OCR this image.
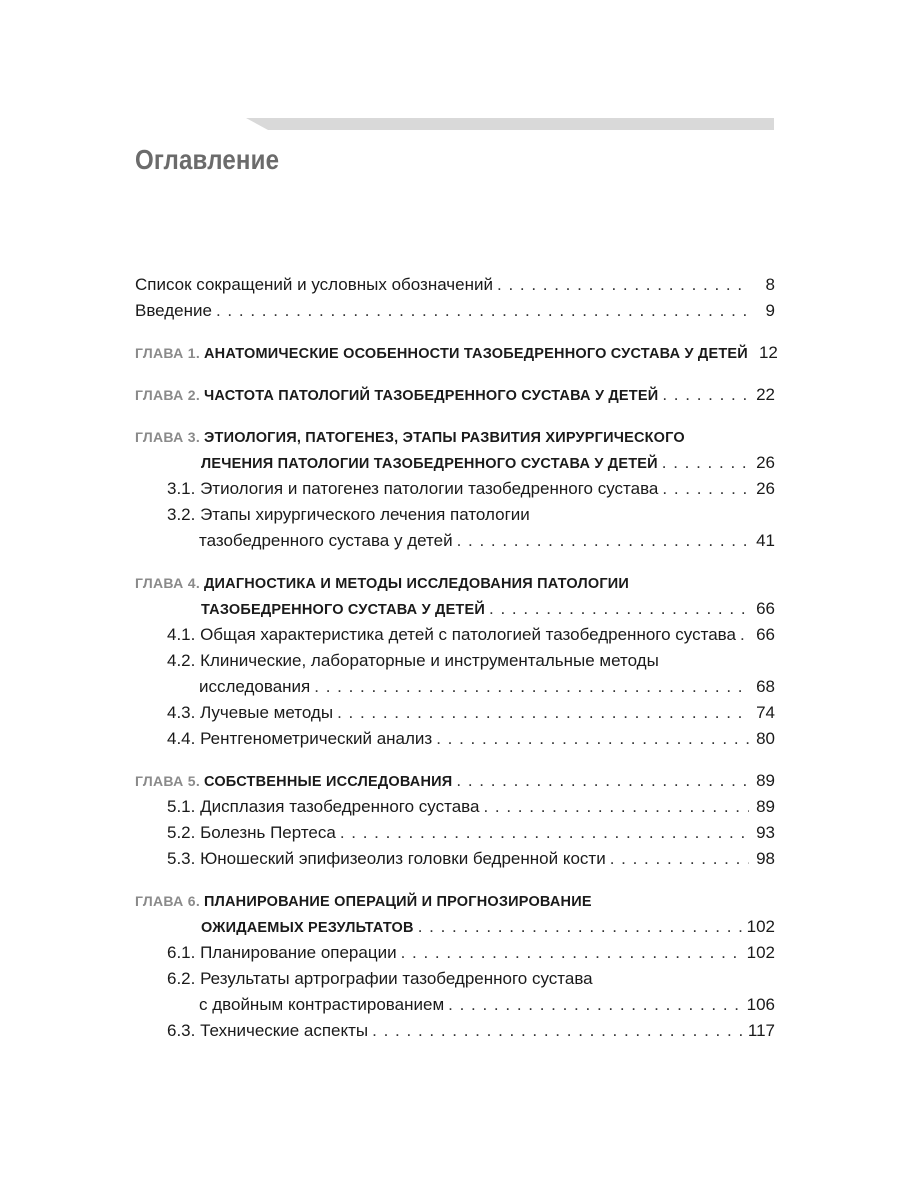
Оглавление
Список сокращений и условных обозначений . . .	8
Введение . . .	9
ГЛАВА 1. АНАТОМИЧЕСКИЕ ОСОБЕННОСТИ ТАЗОБЕДРЕННОГО СУСТАВА У ДЕТЕЙ 12
ГЛАВА 2. ЧАСТОТА ПАТОЛОГИЙ ТАЗОБЕДРЕННОГО СУСТАВА У ДЕТЕЙ . . .	22
ГЛАВА 3. ЭТИОЛОГИЯ, ПАТОГЕНЕЗ, ЭТАПЫ РАЗВИТИЯ ХИРУРГИЧЕСКОГО
ЛЕЧЕНИЯ ПАТОЛОГИИ ТАЗОБЕДРЕННОГО СУСТАВА У ДЕТЕЙ . . .	26
3.1. Этиология и патогенез патологии тазобедренного сустава . . .	26
3.2. Этапы хирургического лечения патологии
тазобедренного сустава у детей . . .	41
ГЛАВА 4. ДИАГНОСТИКА И МЕТОДЫ ИССЛЕДОВАНИЯ ПАТОЛОГИИ
ТАЗОБЕДРЕННОГО СУСТАВА У ДЕТЕЙ . . .	66
4.1. Общая характеристика детей с патологией тазобедренного сустава . . . 66
4.2. Клинические, лабораторные и инструментальные методы
исследования . . .	68
4.3. Лучевые методы . . .	74
4.4. Рентгенометрический анализ . . .	80
ГЛАВА 5. СОБСТВЕННЫЕ ИССЛЕДОВАНИЯ . . .	89
5.1. Дисплазия тазобедренного сустава . . .	89
5.2. Болезнь Пертеса . . .	93
5.3. Юношеский эпифизеолиз головки бедренной кости . . .	98
ГЛАВА 6. ПЛАНИРОВАНИЕ ОПЕРАЦИЙ И ПРОГНОЗИРОВАНИЕ
ОЖИДАЕМЫХ РЕЗУЛЬТАТОВ . . .	102
6.1. Планирование операции . . .	102
6.2. Результаты артрографии тазобедренного сустава
с двойным контрастированием . . .	106
6.3. Технические аспекты . . .	117
